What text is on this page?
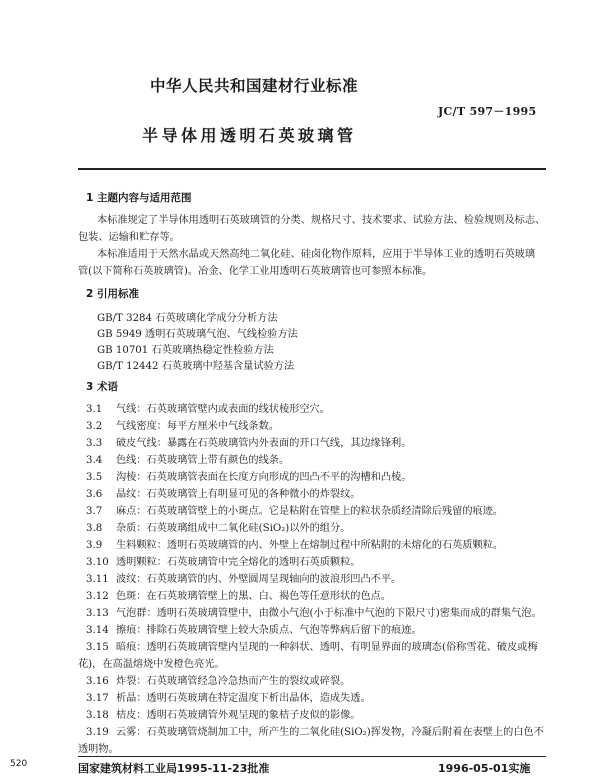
中华人民共和国建材行业标准
JC/T 597－1995
半导体用透明石英玻璃管
1 主题内容与适用范围
本标准规定了半导体用透明石英玻璃管的分类、规格尺寸、技术要求、试验方法、检验规则及标志、
包装、运输和贮存等。
本标准适用于天然水晶或天然高纯二氧化硅、硅卤化物作原料，应用于半导体工业的透明石英玻璃
管(以下简称石英玻璃管)。冶金、化学工业用透明石英玻璃管也可参照本标准。
2 引用标准
GB/T 3284 石英玻璃化学成分分析方法
GB 5949 透明石英玻璃气泡、气线检验方法
GB 10701 石英玻璃热稳定性检验方法
GB/T 12442 石英玻璃中羟基含量试验方法
3 术语
3.1 气线：石英玻璃管壁内或表面的线状棱形空穴。
3.2 气线密度：每平方厘米中气线条数。
3.3 破皮气线：暴露在石英玻璃管内外表面的开口气线，其边缘锋利。
3.4 色线：石英玻璃管上带有颜色的线条。
3.5 沟棱：石英玻璃管表面在长度方向形成的凹凸不平的沟槽和凸棱。
3.6 晶纹：石英玻璃管上有明显可见的各种微小的炸裂纹。
3.7 麻点：石英玻璃管壁上的小斑点。它是粘附在管壁上的粒状杂质经清除后残留的痕迹。
3.8 杂质：石英玻璃组成中二氧化硅(SiO₂)以外的组分。
3.9 生料颗粒：透明石英玻璃管的内、外壁上在熔制过程中所粘附的未熔化的石英质颗粒。
3.10 透明颗粒：石英玻璃管中完全熔化的透明石英质颗粒。
3.11 波纹：石英玻璃管的内、外壁圆周呈现轴向的波浪形凹凸不平。
3.12 色斑：在石英玻璃管壁上的黑、白、褐色等任意形状的色点。
3.13 气泡群：透明石英玻璃管壁中，由微小气泡(小于标准中气泡的下限尺寸)密集而成的群集气泡。
3.14 擦痕：排除石英玻璃管壁上较大杂质点、气泡等弊病后留下的痕迹。
3.15 暗痕：透明石英玻璃管壁内呈现的一种斜状、透明、有明显界面的玻璃态(俗称雪花、破皮或梅
花)，在高温熔烧中发橙色亮光。
3.16 炸裂：石英玻璃管经急冷急热而产生的裂纹或碎裂。
3.17 析晶：透明石英玻璃在特定温度下析出晶体，造成失透。
3.18 桔皮：透明石英玻璃管外观呈现的象桔子皮似的影像。
3.19 云雾：石英玻璃管烧制加工中，所产生的二氧化硅(SiO₂)挥发物，冷凝后附着在表壁上的白色不
透明物。
国家建筑材料工业局1995-11-23批准	1996-05-01实施
520
